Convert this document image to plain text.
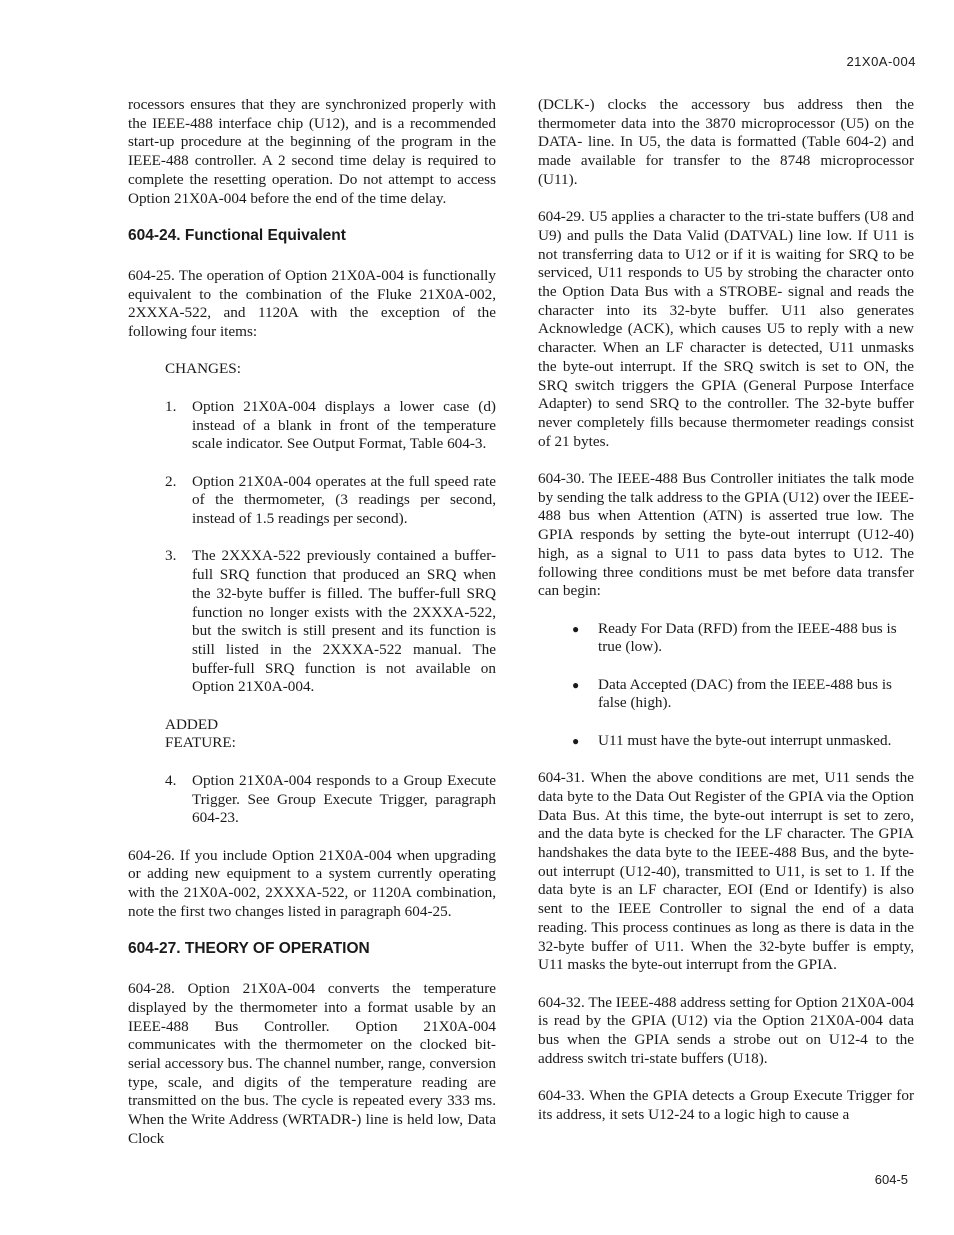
21X0A-004

rocessors ensures that they are synchronized properly with the IEEE-488 interface chip (U12), and is a recommended start-up procedure at the beginning of the program in the IEEE-488 controller. A 2 second time delay is required to complete the resetting operation. Do not attempt to access Option 21X0A-004 before the end of the time delay.

604-24. Functional Equivalent

604-25. The operation of Option 21X0A-004 is functionally equivalent to the combination of the Fluke 21X0A-002, 2XXXA-522, and 1120A with the exception of the following four items:

CHANGES:
1.	Option 21X0A-004 displays a lower case (d) instead of a blank in front of the temperature scale indicator. See Output Format, Table 604-3.
2.	Option 21X0A-004 operates at the full speed rate of the thermometer, (3 readings per second, instead of 1.5 readings per second).
3.	The 2XXXA-522 previously contained a buffer-full SRQ function that produced an SRQ when the 32-byte buffer is filled. The buffer-full SRQ function no longer exists with the 2XXXA-522, but the switch is still present and its function is still listed in the 2XXXA-522 manual. The buffer-full SRQ function is not available on Option 21X0A-004.
ADDED
FEATURE:
4.	Option 21X0A-004 responds to a Group Execute Trigger. See Group Execute Trigger, paragraph 604-23.

604-26. If you include Option 21X0A-004 when upgrading or adding new equipment to a system currently operating with the 21X0A-002, 2XXXA-522, or 1120A combination, note the first two changes listed in paragraph 604-25.

604-27. THEORY OF OPERATION

604-28. Option 21X0A-004 converts the temperature displayed by the thermometer into a format usable by an IEEE-488 Bus Controller. Option 21X0A-004 communicates with the thermometer on the clocked bit-serial accessory bus. The channel number, range, conversion type, scale, and digits of the temperature reading are transmitted on the bus. The cycle is repeated every 333 ms. When the Write Address (WRTADR-) line is held low, Data Clock

(DCLK-) clocks the accessory bus address then the thermometer data into the 3870 microprocessor (U5) on the DATA- line. In U5, the data is formatted (Table 604-2) and made available for transfer to the 8748 microprocessor (U11).

604-29. U5 applies a character to the tri-state buffers (U8 and U9) and pulls the Data Valid (DATVAL) line low. If U11 is not transferring data to U12 or if it is waiting for SRQ to be serviced, U11 responds to U5 by strobing the character onto the Option Data Bus with a STROBE- signal and reads the character into its 32-byte buffer. U11 also generates Acknowledge (ACK), which causes U5 to reply with a new character. When an LF character is detected, U11 unmasks the byte-out interrupt. If the SRQ switch is set to ON, the SRQ switch triggers the GPIA (General Purpose Interface Adapter) to send SRQ to the controller. The 32-byte buffer never completely fills because thermometer readings consist of 21 bytes.

604-30. The IEEE-488 Bus Controller initiates the talk mode by sending the talk address to the GPIA (U12) over the IEEE-488 bus when Attention (ATN) is asserted true low. The GPIA responds by setting the byte-out interrupt (U12-40) high, as a signal to U11 to pass data bytes to U12. The following three conditions must be met before data transfer can begin:

●	Ready For Data (RFD) from the IEEE-488 bus is true (low).
●	Data Accepted (DAC) from the IEEE-488 bus is false (high).
●	U11 must have the byte-out interrupt unmasked.

604-31. When the above conditions are met, U11 sends the data byte to the Data Out Register of the GPIA via the Option Data Bus. At this time, the byte-out interrupt is set to zero, and the data byte is checked for the LF character. The GPIA handshakes the data byte to the IEEE-488 Bus, and the byte-out interrupt (U12-40), transmitted to U11, is set to 1. If the data byte is an LF character, EOI (End or Identify) is also sent to the IEEE Controller to signal the end of a data reading. This process continues as long as there is data in the 32-byte buffer of U11. When the 32-byte buffer is empty, U11 masks the byte-out interrupt from the GPIA.

604-32. The IEEE-488 address setting for Option 21X0A-004 is read by the GPIA (U12) via the Option 21X0A-004 data bus when the GPIA sends a strobe out on U12-4 to the address switch tri-state buffers (U18).

604-33. When the GPIA detects a Group Execute Trigger for its address, it sets U12-24 to a logic high to cause a

604-5
